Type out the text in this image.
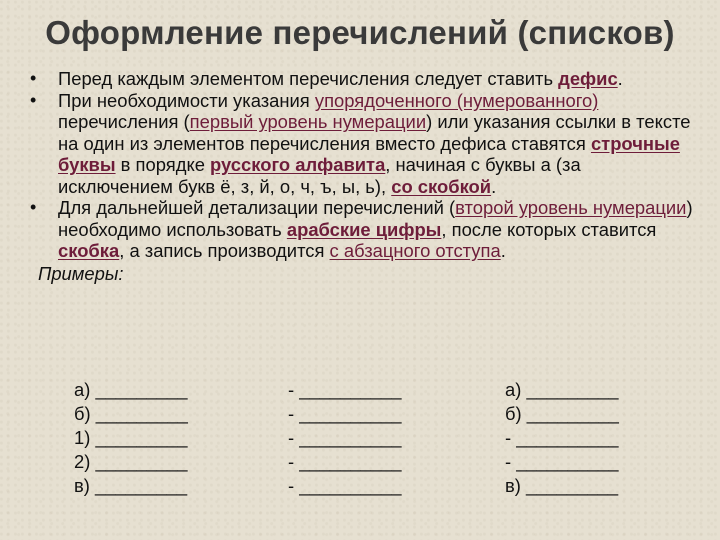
Оформление перечислений (списков)
• Перед каждым элементом перечисления следует ставить дефис.
• При необходимости указания упорядоченного (нумерованного) перечисления (первый уровень нумерации) или указания ссылки в тексте на один из элементов перечисления вместо дефиса ставятся строчные буквы в порядке русского алфавита, начиная с буквы а (за исключением букв ё, з, й, о, ч, ъ, ы, ь), со скобкой.
• Для дальнейшей детализации перечислений (второй уровень нумерации) необходимо использовать арабские цифры, после которых ставится скобка, а запись производится с абзацного отступа.
Примеры:
а) _________
б) _________
1) _________
2) _________
в) _________
- __________
- __________
- __________
- __________
- __________
а) _________
б) _________
- __________
- __________
в) _________
